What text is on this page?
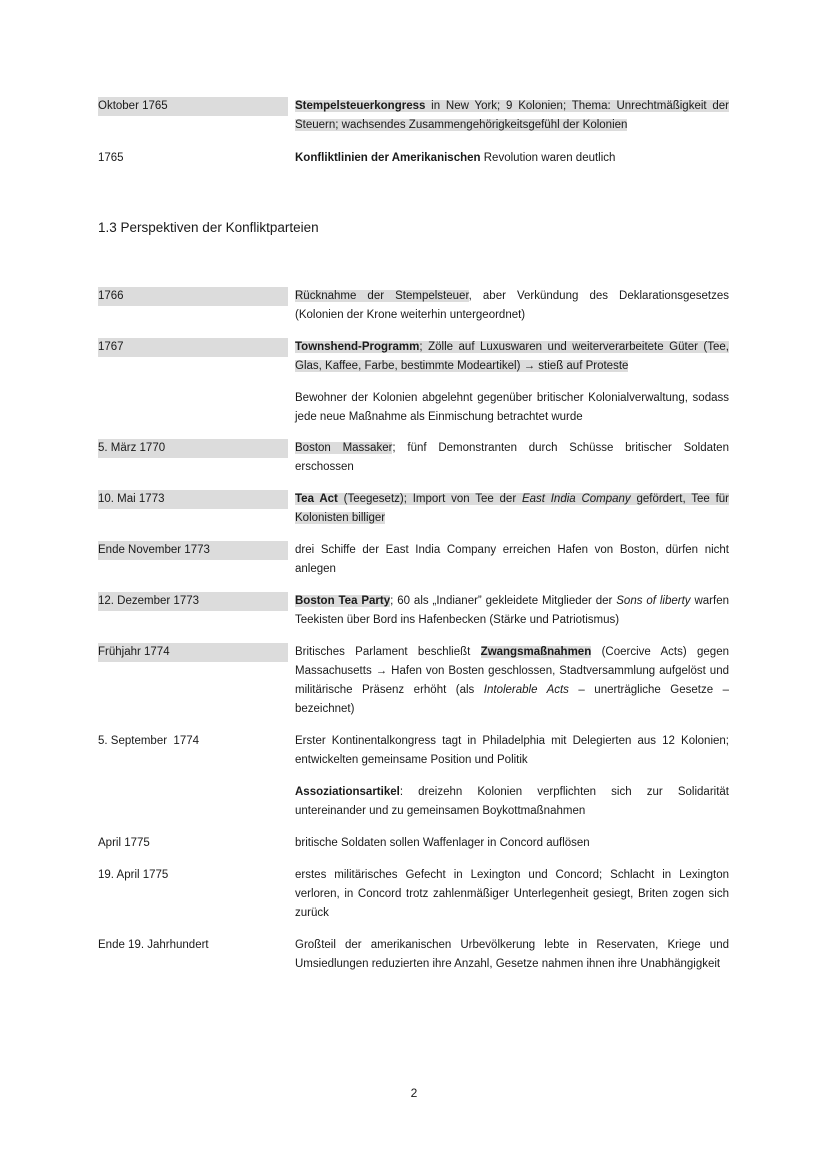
Oktober 1765	Stempelsteuerkongress in New York; 9 Kolonien; Thema: Unrechtmäßigkeit der Steuern; wachsendes Zusammengehörigkeitsgefühl der Kolonien
1765	Konfliktlinien der Amerikanischen Revolution waren deutlich
1.3 Perspektiven der Konfliktparteien
1766	Rücknahme der Stempelsteuer, aber Verkündung des Deklarationsgesetzes (Kolonien der Krone weiterhin untergeordnet)
1767	Townshend-Programm; Zölle auf Luxuswaren und weiterverarbeitete Güter (Tee, Glas, Kaffee, Farbe, bestimmte Modeartikel) → stieß auf Proteste
Bewohner der Kolonien abgelehnt gegenüber britischer Kolonialverwaltung, sodass jede neue Maßnahme als Einmischung betrachtet wurde
5. März 1770	Boston Massaker; fünf Demonstranten durch Schüsse britischer Soldaten erschossen
10. Mai 1773	Tea Act (Teegesetz); Import von Tee der East India Company gefördert, Tee für Kolonisten billiger
Ende November 1773	drei Schiffe der East India Company erreichen Hafen von Boston, dürfen nicht anlegen
12. Dezember 1773	Boston Tea Party; 60 als „Indianer” gekleidete Mitglieder der Sons of liberty warfen Teekisten über Bord ins Hafenbecken (Stärke und Patriotismus)
Frühjahr 1774	Britisches Parlament beschließt Zwangsmaßnahmen (Coercive Acts) gegen Massachusetts → Hafen von Bosten geschlossen, Stadtversammlung aufgelöst und militärische Präsenz erhöht (als Intolerable Acts – unerträgliche Gesetze – bezeichnet)
5. September  1774	Erster Kontinentalkongress tagt in Philadelphia mit Delegierten aus 12 Kolonien; entwickelten gemeinsame Position und Politik
Assoziationsartikel: dreizehn Kolonien verpflichten sich zur Solidarität untereinander und zu gemeinsamen Boykottmaßnahmen
April 1775	britische Soldaten sollen Waffenlager in Concord auflösen
19. April 1775	erstes militärisches Gefecht in Lexington und Concord; Schlacht in Lexington verloren, in Concord trotz zahlenmäßiger Unterlegenheit gesiegt, Briten zogen sich zurück
Ende 19. Jahrhundert	Großteil der amerikanischen Urbevölkerung lebte in Reservaten, Kriege und Umsiedlungen reduzierten ihre Anzahl, Gesetze nahmen ihnen ihre Unabhängigkeit
2
